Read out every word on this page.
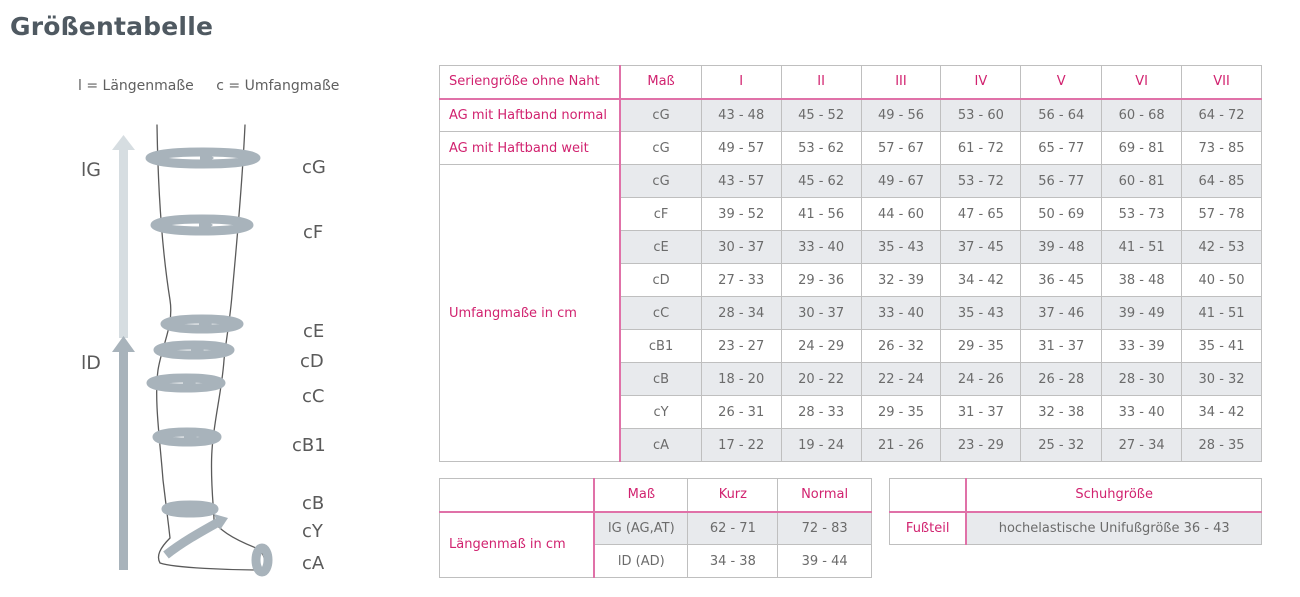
Größentabelle
l = Längenmaße c = Umfangmaße
lG
lD
cG
cF
cE
cD
cC
cB1
cB
cY
cA
Seriengröße ohne Naht	Maß	I	II	III	IV	V	VI	VII
AG mit Haftband normal	cG	43 - 48	45 - 52	49 - 56	53 - 60	56 - 64	60 - 68	64 - 72
AG mit Haftband weit	cG	49 - 57	53 - 62	57 - 67	61 - 72	65 - 77	69 - 81	73 - 85
Umfangmaße in cm	cG	43 - 57	45 - 62	49 - 67	53 - 72	56 - 77	60 - 81	64 - 85
	cF	39 - 52	41 - 56	44 - 60	47 - 65	50 - 69	53 - 73	57 - 78
	cE	30 - 37	33 - 40	35 - 43	37 - 45	39 - 48	41 - 51	42 - 53
	cD	27 - 33	29 - 36	32 - 39	34 - 42	36 - 45	38 - 48	40 - 50
	cC	28 - 34	30 - 37	33 - 40	35 - 43	37 - 46	39 - 49	41 - 51
	cB1	23 - 27	24 - 29	26 - 32	29 - 35	31 - 37	33 - 39	35 - 41
	cB	18 - 20	20 - 22	22 - 24	24 - 26	26 - 28	28 - 30	30 - 32
	cY	26 - 31	28 - 33	29 - 35	31 - 37	32 - 38	33 - 40	34 - 42
	cA	17 - 22	19 - 24	21 - 26	23 - 29	25 - 32	27 - 34	28 - 35
	Maß	Kurz	Normal
Längenmaß in cm	lG (AG,AT)	62 - 71	72 - 83
	lD (AD)	34 - 38	39 - 44
	Schuhgröße
Fußteil	hochelastische Unifußgröße 36 - 43
